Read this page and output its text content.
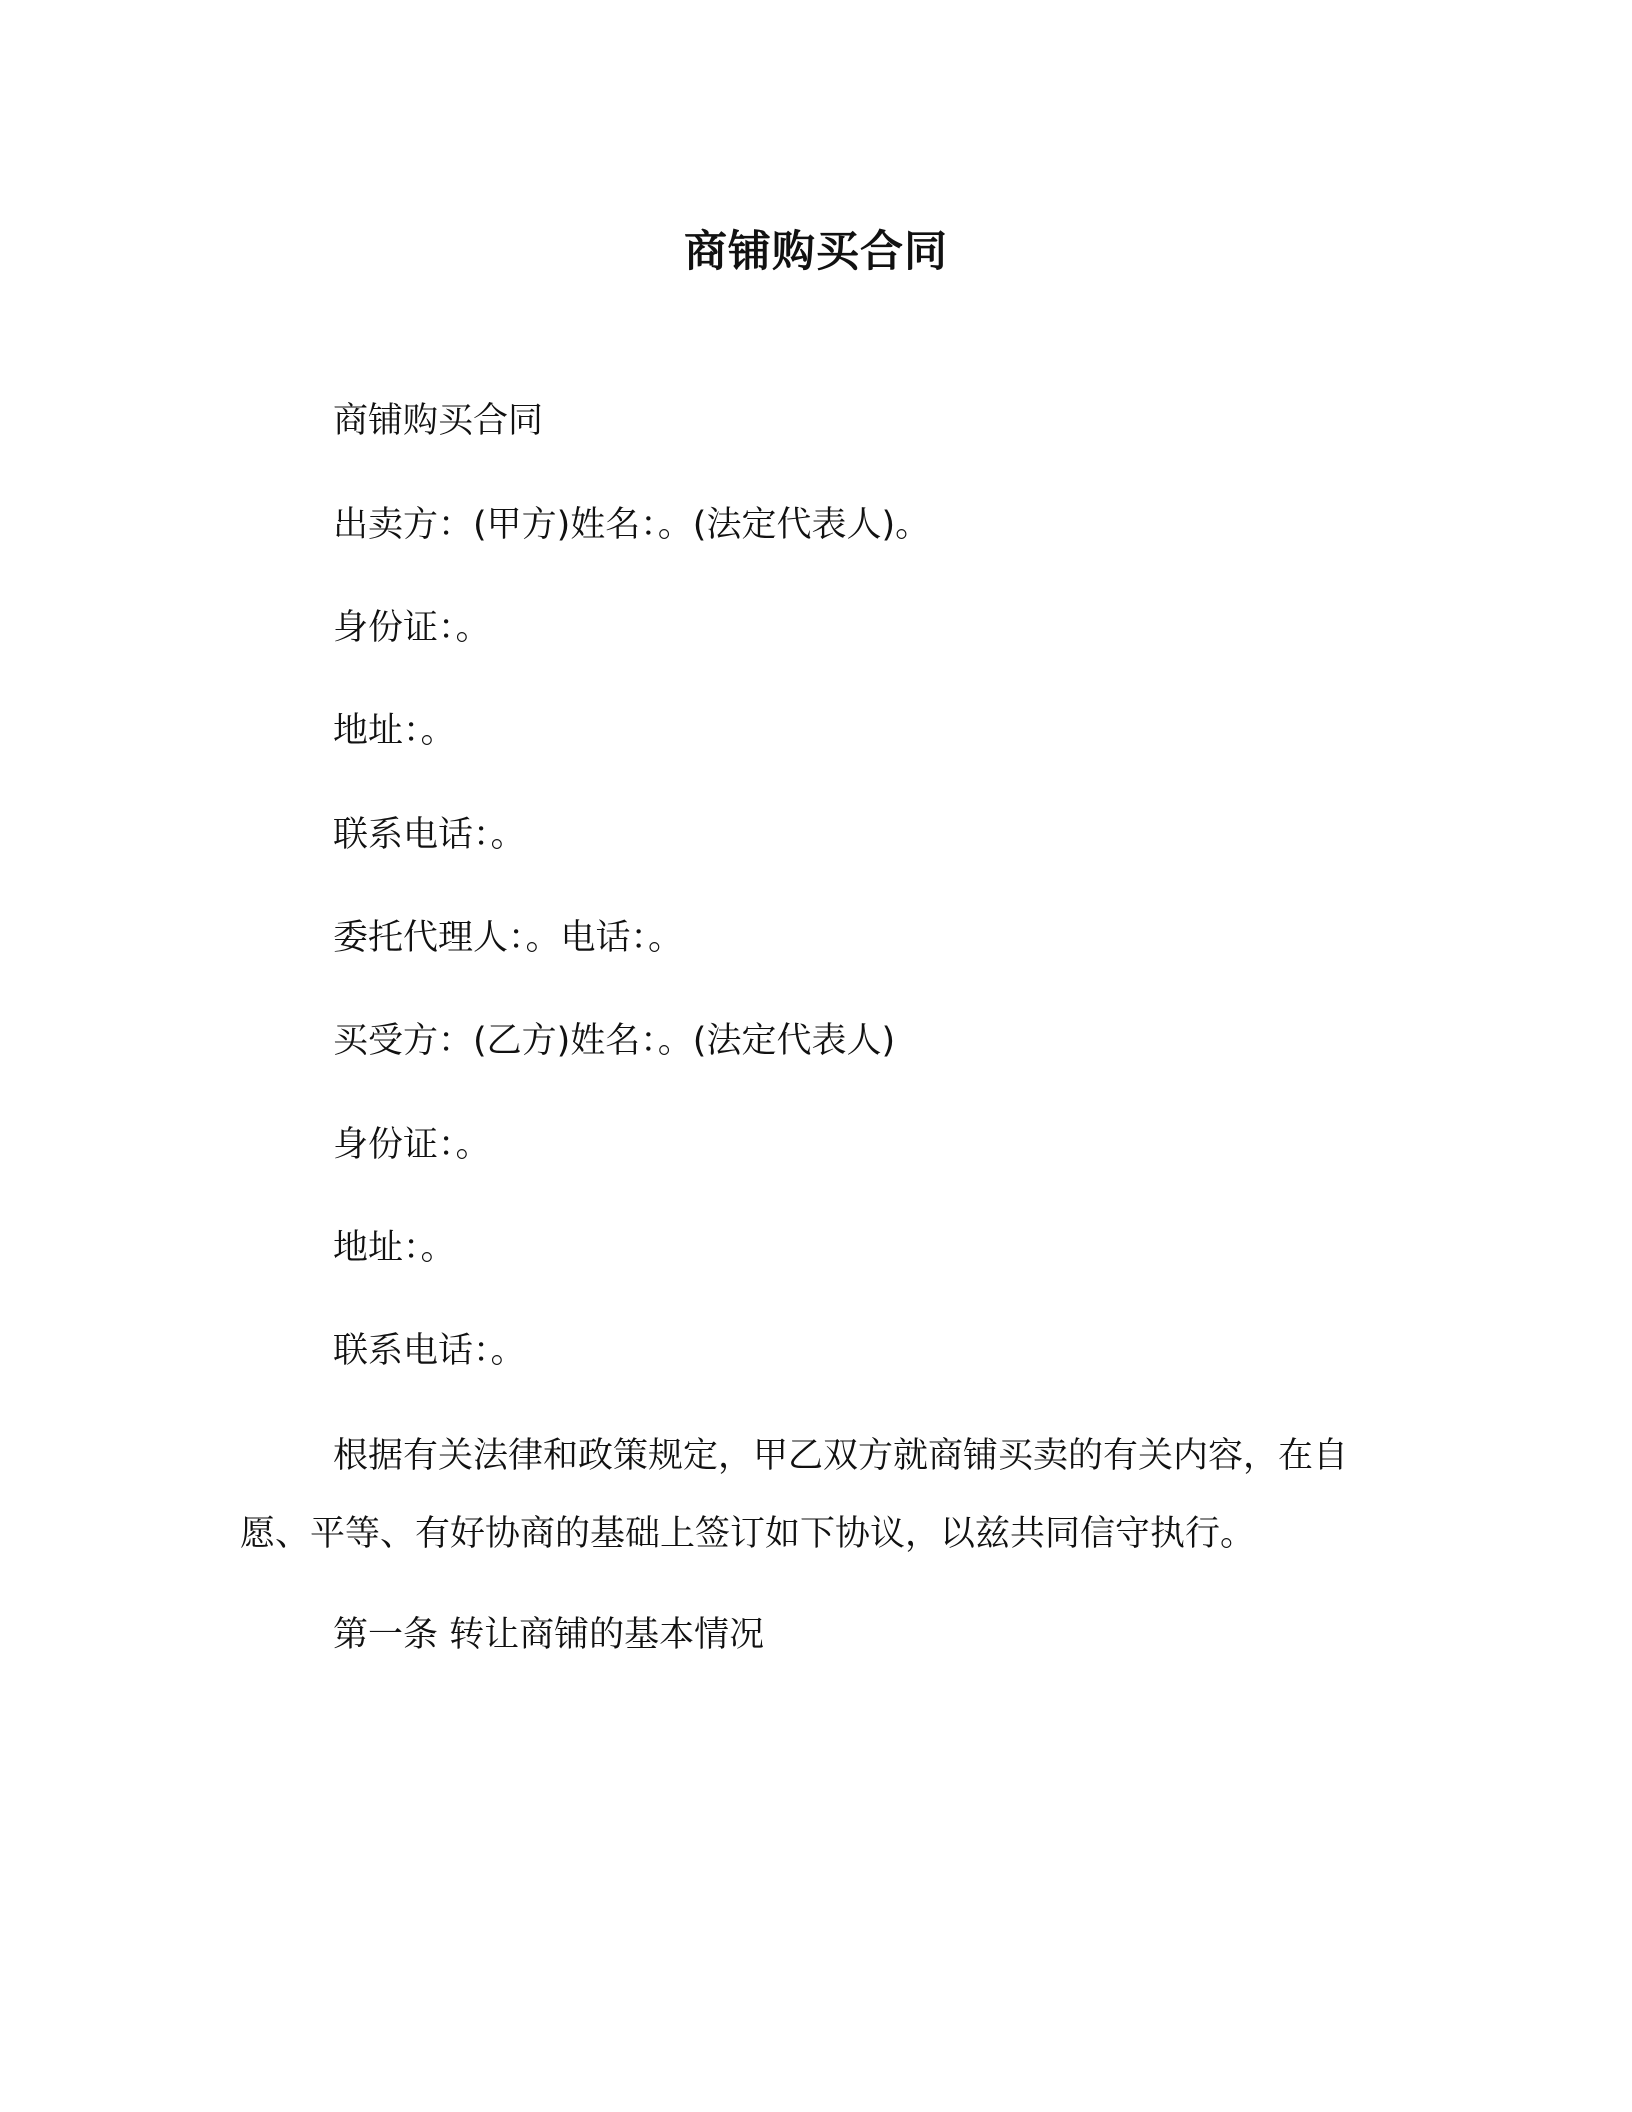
商铺购买合同
商铺购买合同
出卖方：(甲方)姓名：。(法定代表人)。
身份证：。
地址：。
联系电话：。
委托代理人：。电话：。
买受方：(乙方)姓名：。(法定代表人)
身份证：。
地址：。
联系电话：。
根据有关法律和政策规定，甲乙双方就商铺买卖的有关内容，在自愿、平等、有好协商的基础上签订如下协议，以兹共同信守执行。
第一条 转让商铺的基本情况
